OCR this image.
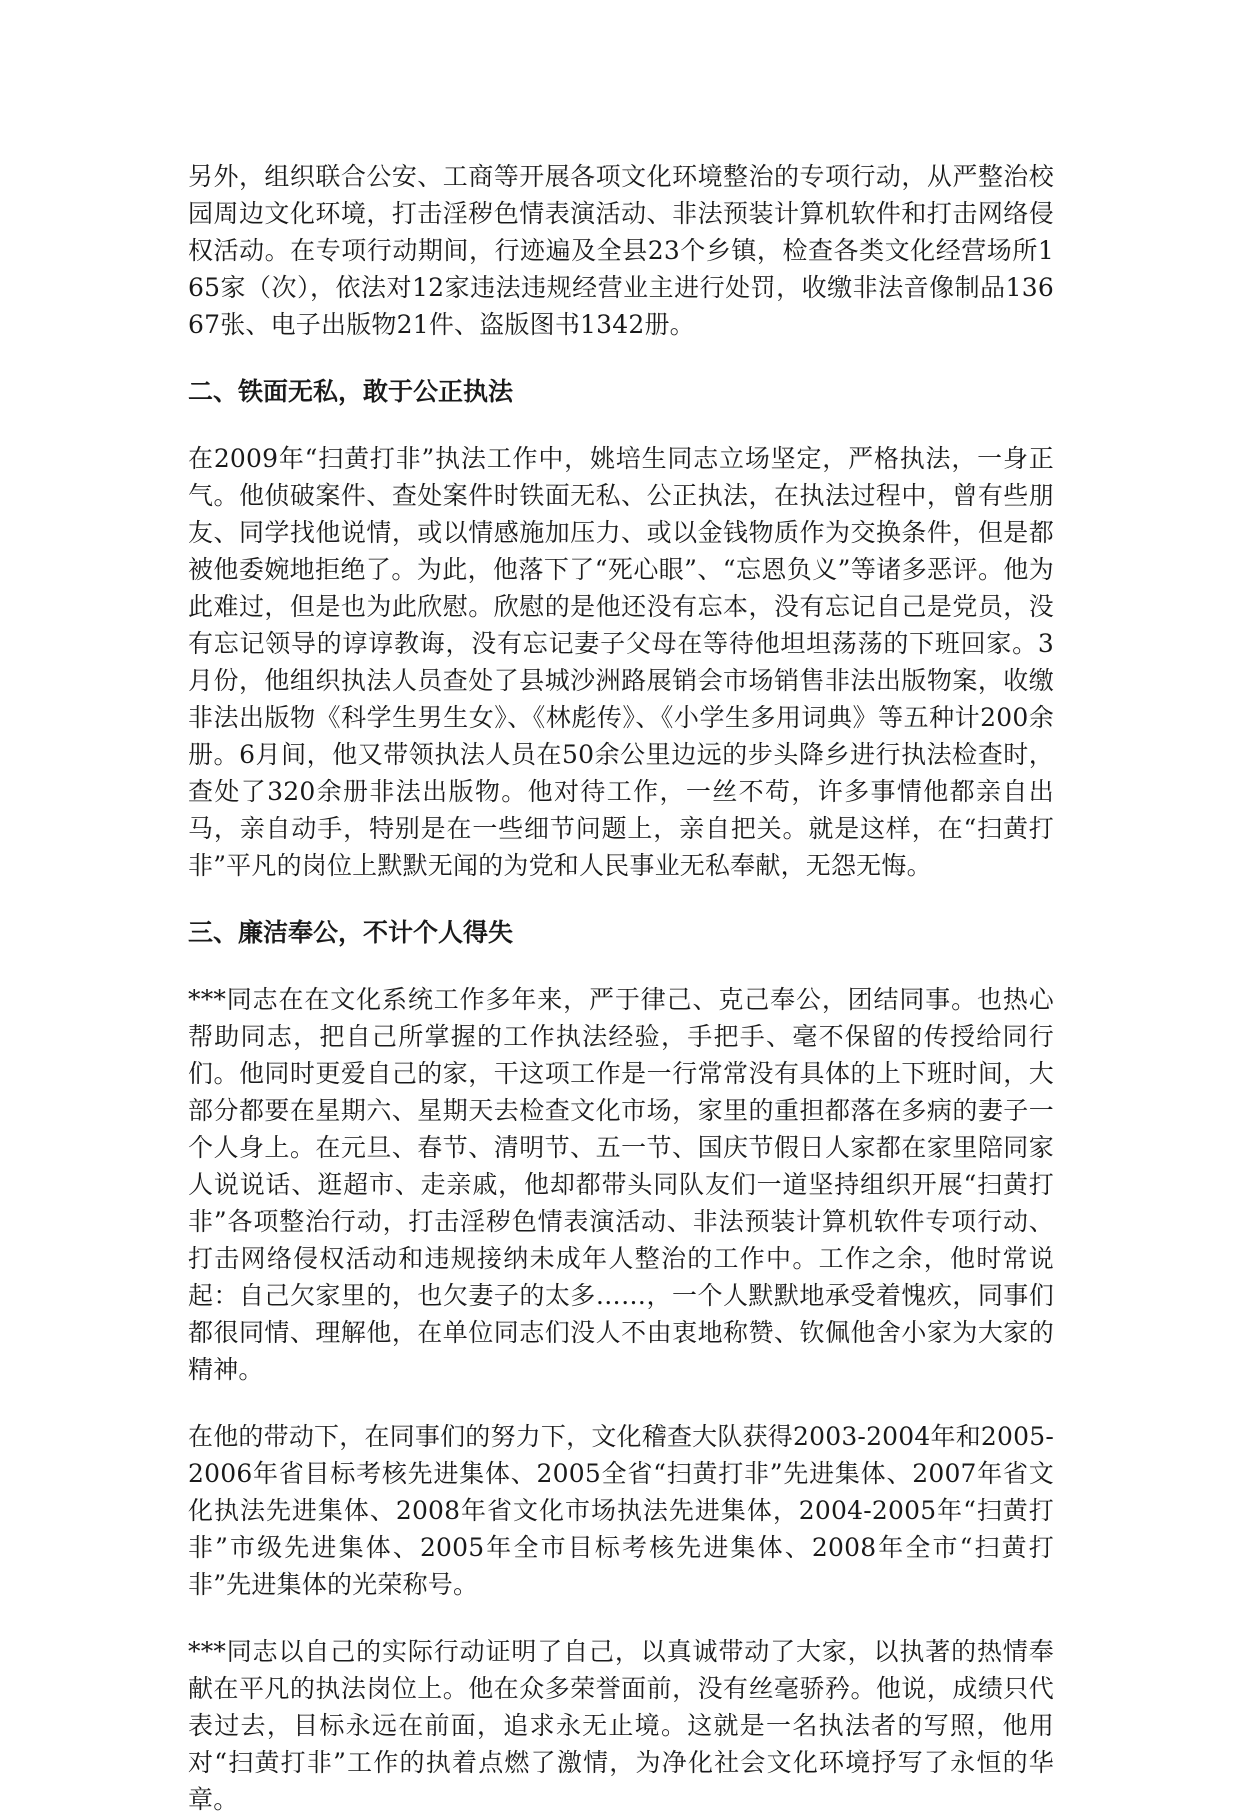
另外，组织联合公安、工商等开展各项文化环境整治的专项行动，从严整治校园周边文化环境，打击淫秽色情表演活动、非法预装计算机软件和打击网络侵权活动。在专项行动期间，行迹遍及全县23个乡镇，检查各类文化经营场所165家（次），依法对12家违法违规经营业主进行处罚，收缴非法音像制品13667张、电子出版物21件、盗版图书1342册。

二、铁面无私，敢于公正执法

在2009年“扫黄打非”执法工作中，姚培生同志立场坚定，严格执法，一身正气。他侦破案件、查处案件时铁面无私、公正执法，在执法过程中，曾有些朋友、同学找他说情，或以情感施加压力、或以金钱物质作为交换条件，但是都被他委婉地拒绝了。为此，他落下了“死心眼”、“忘恩负义”等诸多恶评。他为此难过，但是也为此欣慰。欣慰的是他还没有忘本，没有忘记自己是党员，没有忘记领导的谆谆教诲，没有忘记妻子父母在等待他坦坦荡荡的下班回家。3月份，他组织执法人员查处了县城沙洲路展销会市场销售非法出版物案，收缴非法出版物《科学生男生女》、《林彪传》、《小学生多用词典》等五种计200余册。6月间，他又带领执法人员在50余公里边远的步头降乡进行执法检查时，查处了320余册非法出版物。他对待工作，一丝不苟，许多事情他都亲自出马，亲自动手，特别是在一些细节问题上，亲自把关。就是这样，在“扫黄打非”平凡的岗位上默默无闻的为党和人民事业无私奉献，无怨无悔。

三、廉洁奉公，不计个人得失

***同志在在文化系统工作多年来，严于律己、克己奉公，团结同事。也热心帮助同志，把自己所掌握的工作执法经验，手把手、毫不保留的传授给同行们。他同时更爱自己的家，干这项工作是一行常常没有具体的上下班时间，大部分都要在星期六、星期天去检查文化市场，家里的重担都落在多病的妻子一个人身上。在元旦、春节、清明节、五一节、国庆节假日人家都在家里陪同家人说说话、逛超市、走亲戚，他却都带头同队友们一道坚持组织开展“扫黄打非”各项整治行动，打击淫秽色情表演活动、非法预装计算机软件专项行动、打击网络侵权活动和违规接纳未成年人整治的工作中。工作之余，他时常说起：自己欠家里的，也欠妻子的太多……，一个人默默地承受着愧疚，同事们都很同情、理解他，在单位同志们没人不由衷地称赞、钦佩他舍小家为大家的精神。

在他的带动下，在同事们的努力下，文化稽查大队获得2003-2004年和2005-2006年省目标考核先进集体、2005全省“扫黄打非”先进集体、2007年省文化执法先进集体、2008年省文化市场执法先进集体，2004-2005年“扫黄打非”市级先进集体、2005年全市目标考核先进集体、2008年全市“扫黄打非”先进集体的光荣称号。

***同志以自己的实际行动证明了自己，以真诚带动了大家，以执著的热情奉献在平凡的执法岗位上。他在众多荣誉面前，没有丝毫骄矜。他说，成绩只代表过去，目标永远在前面，追求永无止境。这就是一名执法者的写照，他用对“扫黄打非”工作的执着点燃了激情，为净化社会文化环境抒写了永恒的华章。
